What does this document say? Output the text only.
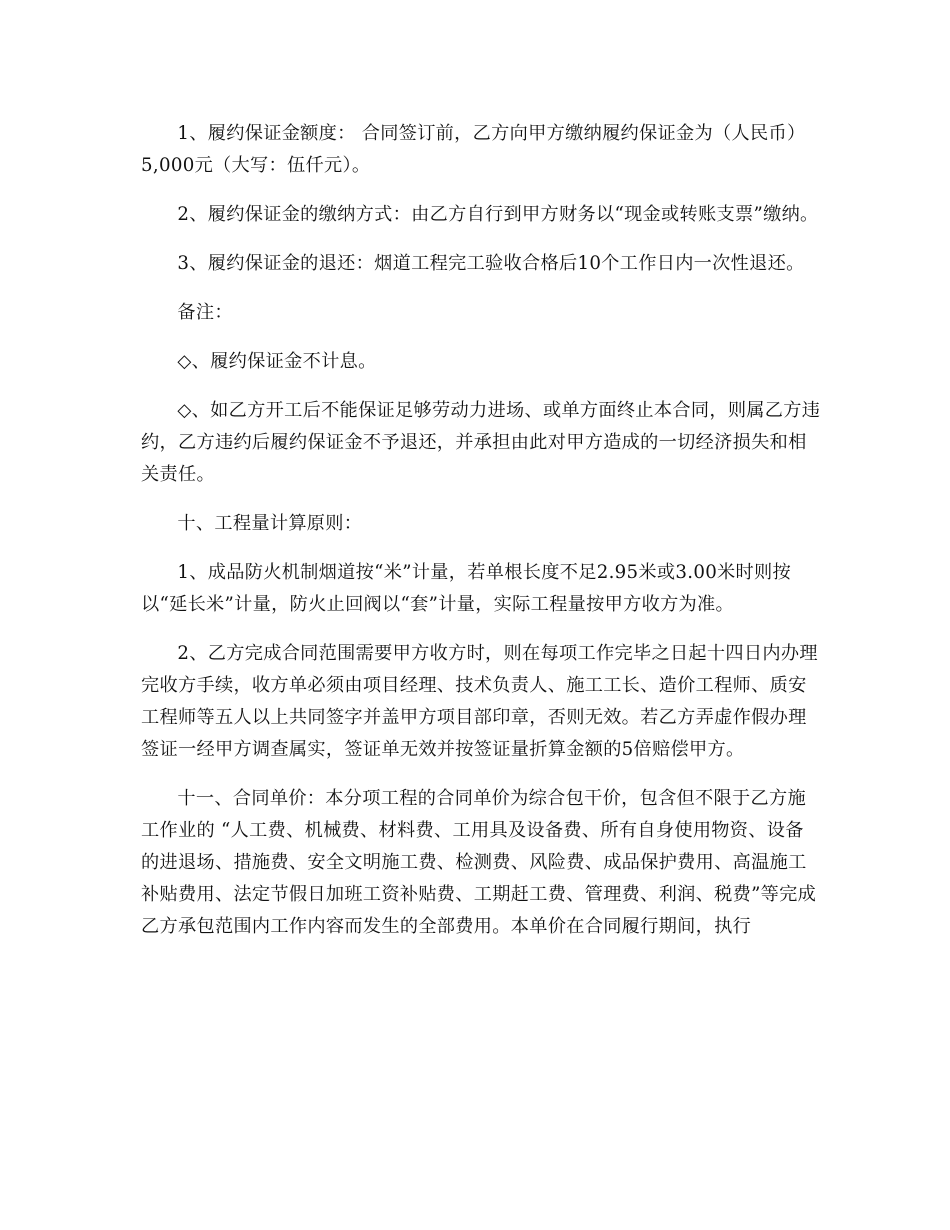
1、履约保证金额度： 合同签订前，乙方向甲方缴纳履约保证金为（人民币）5,000元（大写：伍仟元）。

2、履约保证金的缴纳方式：由乙方自行到甲方财务以“现金或转账支票”缴纳。

3、履约保证金的退还：烟道工程完工验收合格后10个工作日内一次性退还。

备注：

◇、履约保证金不计息。

◇、如乙方开工后不能保证足够劳动力进场、或单方面终止本合同，则属乙方违约，乙方违约后履约保证金不予退还，并承担由此对甲方造成的一切经济损失和相关责任。

十、工程量计算原则：

1、成品防火机制烟道按“米”计量，若单根长度不足2.95米或3.00米时则按以“延长米”计量，防火止回阀以“套”计量，实际工程量按甲方收方为准。

2、乙方完成合同范围需要甲方收方时，则在每项工作完毕之日起十四日内办理完收方手续，收方单必须由项目经理、技术负责人、施工工长、造价工程师、质安工程师等五人以上共同签字并盖甲方项目部印章，否则无效。若乙方弄虚作假办理签证一经甲方调查属实，签证单无效并按签证量折算金额的5倍赔偿甲方。

十一、合同单价：本分项工程的合同单价为综合包干价，包含但不限于乙方施工作业的 “人工费、机械费、材料费、工用具及设备费、所有自身使用物资、设备的进退场、措施费、安全文明施工费、检测费、风险费、成品保护费用、高温施工补贴费用、法定节假日加班工资补贴费、工期赶工费、管理费、利润、税费”等完成乙方承包范围内工作内容而发生的全部费用。本单价在合同履行期间，执行
